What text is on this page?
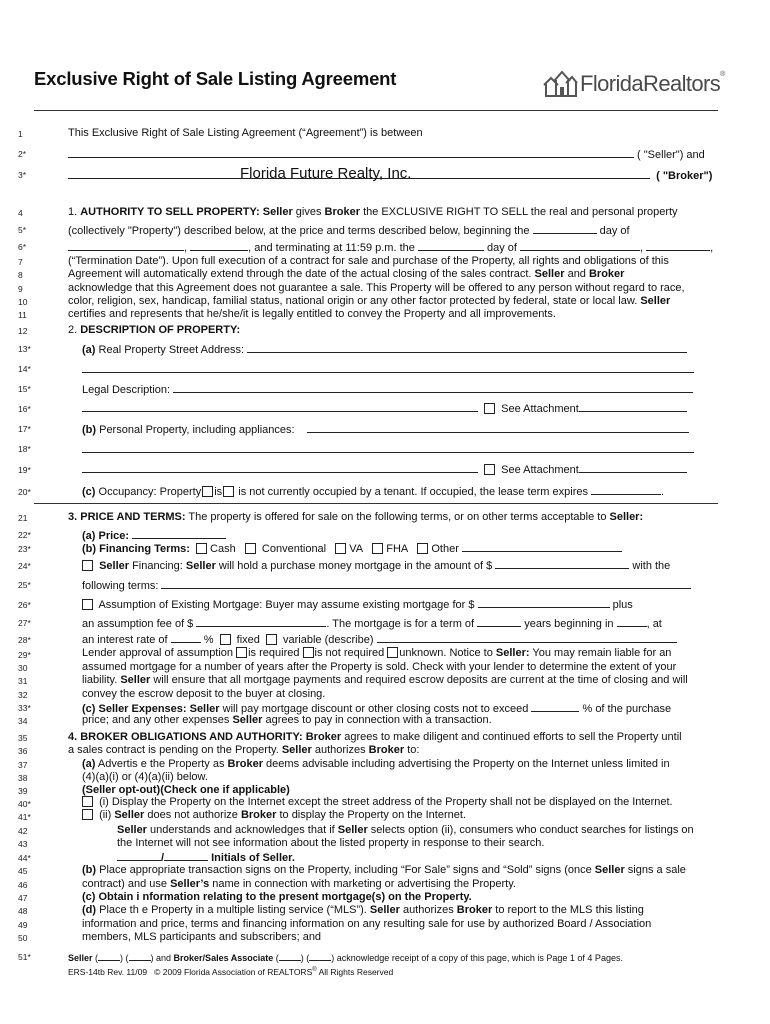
Exclusive Right of Sale Listing Agreement	FloridaRealtors®
1	This Exclusive Right of Sale Listing Agreement (“Agreement”) is between
2*	( "Seller") and
3*	( "Broker")
Florida Future Realty, Inc.
4	1. AUTHORITY TO SELL PROPERTY: Seller gives Broker the EXCLUSIVE RIGHT TO SELL the real and personal property
5*	(collectively "Property") described below, at the price and terms described below, beginning the	day of
6*	,	, and terminating at 11:59 p.m. the	day of	,	,
7	(“Termination Date”). Upon full execution of a contract for sale and purchase of the Property, all rights and obligations of this
8	Agreement will automatically extend through the date of the actual closing of the sales contract. Seller and Broker
9	acknowledge that this Agreement does not guarantee a sale. This Property will be offered to any person without regard to race,
10	color, religion, sex, handicap, familial status, national origin or any other factor protected by federal, state or local law. Seller
11	certifies and represents that he/she/it is legally entitled to convey the Property and all improvements.
12	2. DESCRIPTION OF PROPERTY:
13*	(a) Real Property Street Address:
14*
15*	Legal Description:
16*	See Attachment
17*	(b) Personal Property, including appliances:
18*
19*	See Attachment
20*	(c) Occupancy: Property is is not currently occupied by a tenant. If occupied, the lease term expires	.
21	3. PRICE AND TERMS: The property is offered for sale on the following terms, or on other terms acceptable to Seller:
22*	(a) Price:
23*	(b) Financing Terms: Cash Conventional VA FHA Other
24*	Seller Financing: Seller will hold a purchase money mortgage in the amount of $	with the
25*	following terms:
26*	Assumption of Existing Mortgage: Buyer may assume existing mortgage for $	plus
27*	an assumption fee of $	. The mortgage is for a term of	years beginning in	, at
28*	an interest rate of	% fixed variable (describe)
29*	Lender approval of assumption is required is not required unknown. Notice to Seller: You may remain liable for an
30	assumed mortgage for a number of years after the Property is sold. Check with your lender to determine the extent of your
31	liability. Seller will ensure that all mortgage payments and required escrow deposits are current at the time of closing and will
32	convey the escrow deposit to the buyer at closing.
33*	(c) Seller Expenses: Seller will pay mortgage discount or other closing costs not to exceed	% of the purchase
34	price; and any other expenses Seller agrees to pay in connection with a transaction.
35	4. BROKER OBLIGATIONS AND AUTHORITY: Broker agrees to make diligent and continued efforts to sell the Property until
36	a sales contract is pending on the Property. Seller authorizes Broker to:
37	(a) Advertis e the Property as Broker deems advisable including advertising the Property on the Internet unless limited in
38	(4)(a)(i) or (4)(a)(ii) below.
39	(Seller opt-out)(Check one if applicable)
40*	(i) Display the Property on the Internet except the street address of the Property shall not be displayed on the Internet.
41*	(ii) Seller does not authorize Broker to display the Property on the Internet.
42	Seller understands and acknowledges that if Seller selects option (ii), consumers who conduct searches for listings on
43	the Internet will not see information about the listed property in response to their search.
44*	/	Initials of Seller.
45	(b) Place appropriate transaction signs on the Property, including “For Sale” signs and “Sold” signs (once Seller signs a sale
46	contract) and use Seller’s name in connection with marketing or advertising the Property.
47	(c) Obtain i nformation relating to the present mortgage(s) on the Property.
48	(d) Place th e Property in a multiple listing service (“MLS”). Seller authorizes Broker to report to the MLS this listing
49	information and price, terms and financing information on any resulting sale for use by authorized Board / Association
50	members, MLS participants and subscribers; and
51*	Seller ( ) ( ) and Broker/Sales Associate ( ) ( ) acknowledge receipt of a copy of this page, which is Page 1 of 4 Pages.
ERS-14tb Rev. 11/09 © 2009 Florida Association of REALTORS® All Rights Reserved
